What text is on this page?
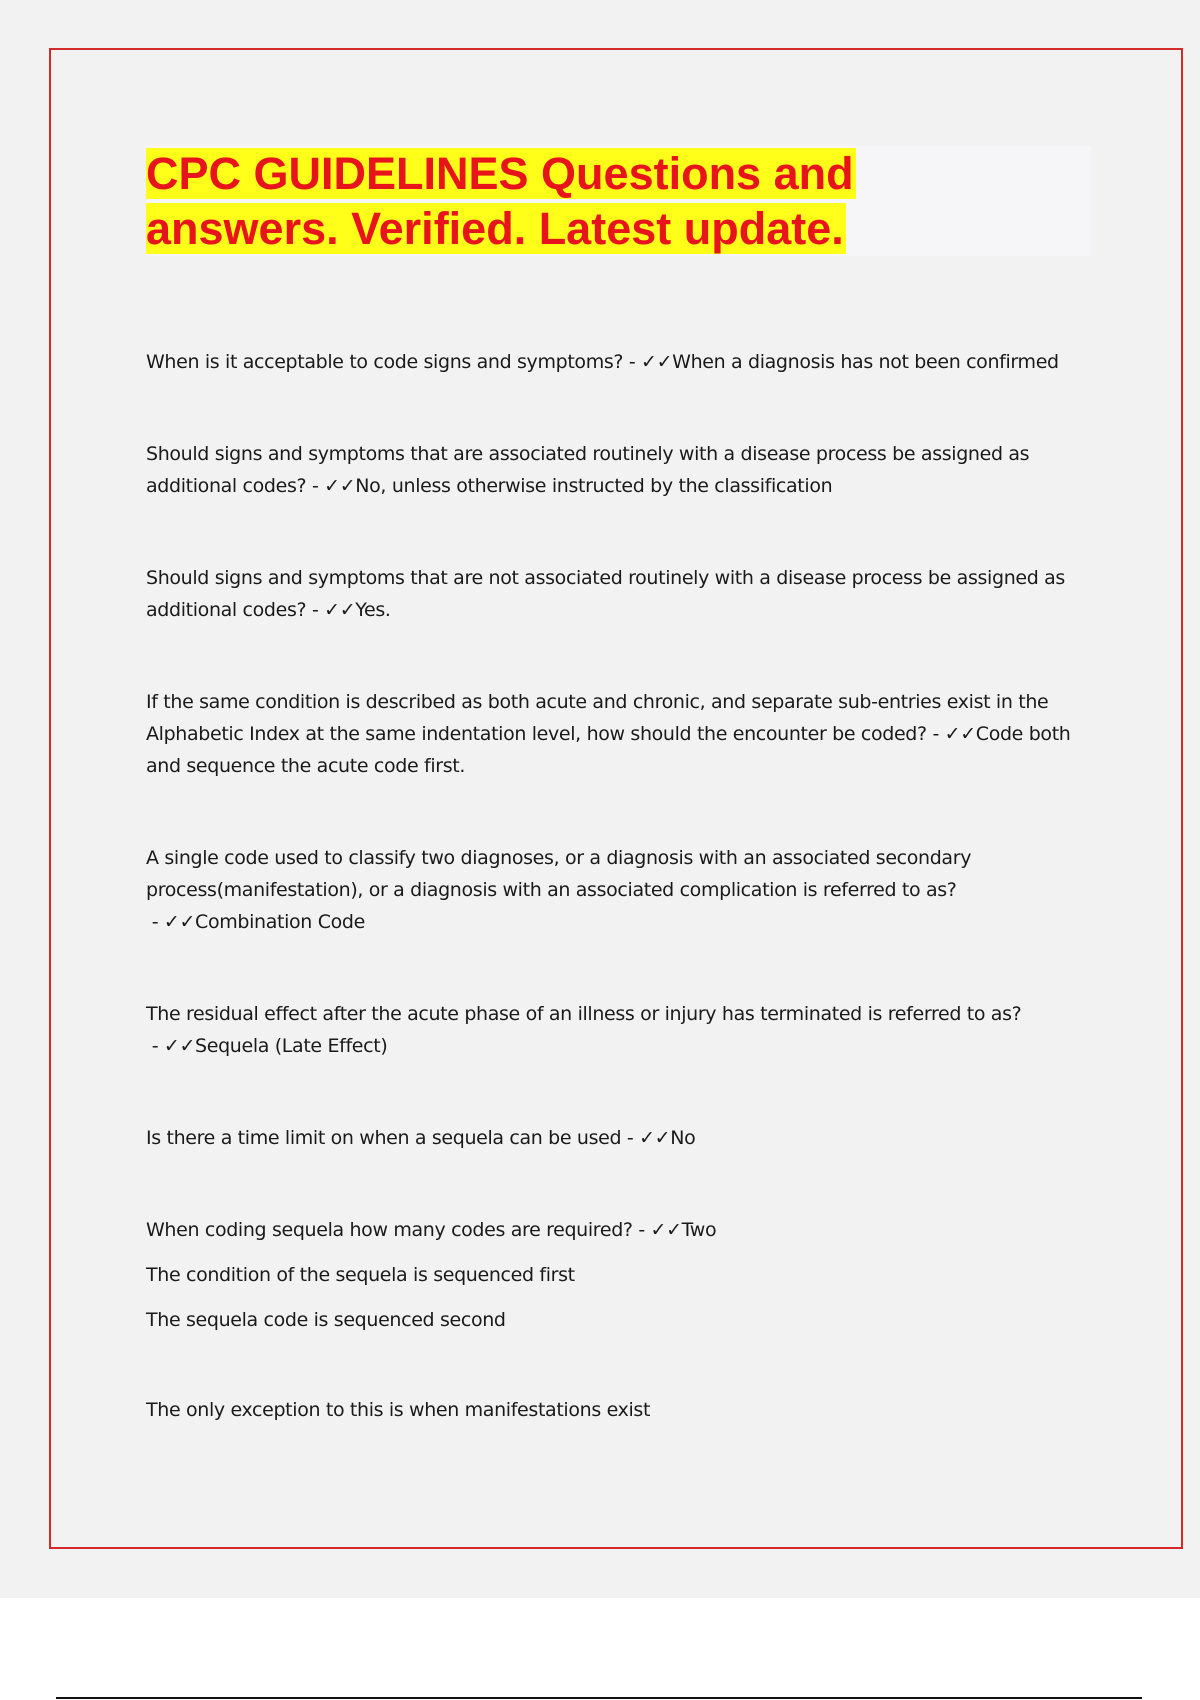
CPC GUIDELINES Questions and
answers. Verified. Latest update.

When is it acceptable to code signs and symptoms? - ✓✓When a diagnosis has not been confirmed

Should signs and symptoms that are associated routinely with a disease process be assigned as additional codes? - ✓✓No, unless otherwise instructed by the classification

Should signs and symptoms that are not associated routinely with a disease process be assigned as additional codes? - ✓✓Yes.

If the same condition is described as both acute and chronic, and separate sub-entries exist in the Alphabetic Index at the same indentation level, how should the encounter be coded? - ✓✓Code both and sequence the acute code first.

A single code used to classify two diagnoses, or a diagnosis with an associated secondary process(manifestation), or a diagnosis with an associated complication is referred to as? - ✓✓Combination Code

The residual effect after the acute phase of an illness or injury has terminated is referred to as? - ✓✓Sequela (Late Effect)

Is there a time limit on when a sequela can be used - ✓✓No

When coding sequela how many codes are required? - ✓✓Two

The condition of the sequela is sequenced first

The sequela code is sequenced second

The only exception to this is when manifestations exist
